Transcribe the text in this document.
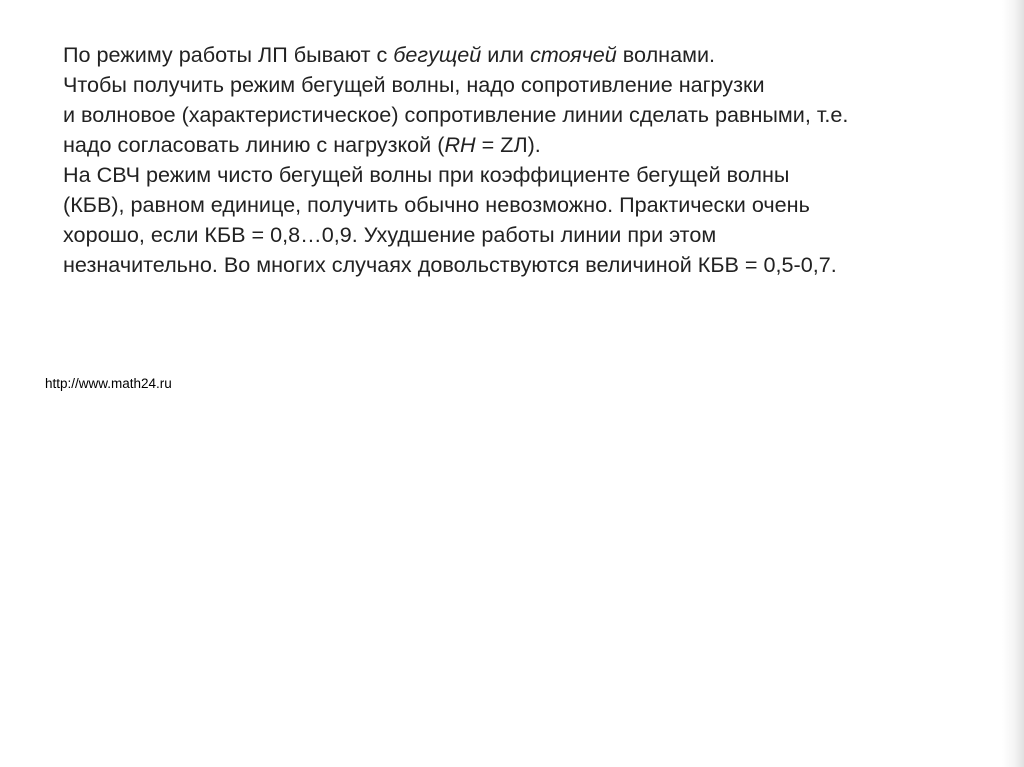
По режиму работы ЛП бывают с бегущей или стоячей волнами.
Чтобы получить режим бегущей волны, надо сопротивление нагрузки
и волновое (характеристическое) сопротивление линии сделать равными, т.е.
надо согласовать линию с нагрузкой (RН = ZЛ).
На СВЧ режим чисто бегущей волны при коэффициенте бегущей волны
(КБВ), равном единице, получить обычно невозможно. Практически очень
хорошо, если КБВ = 0,8…0,9. Ухудшение работы линии при этом
незначительно. Во многих случаях довольствуются величиной КБВ = 0,5-0,7.
http://www.math24.ru
